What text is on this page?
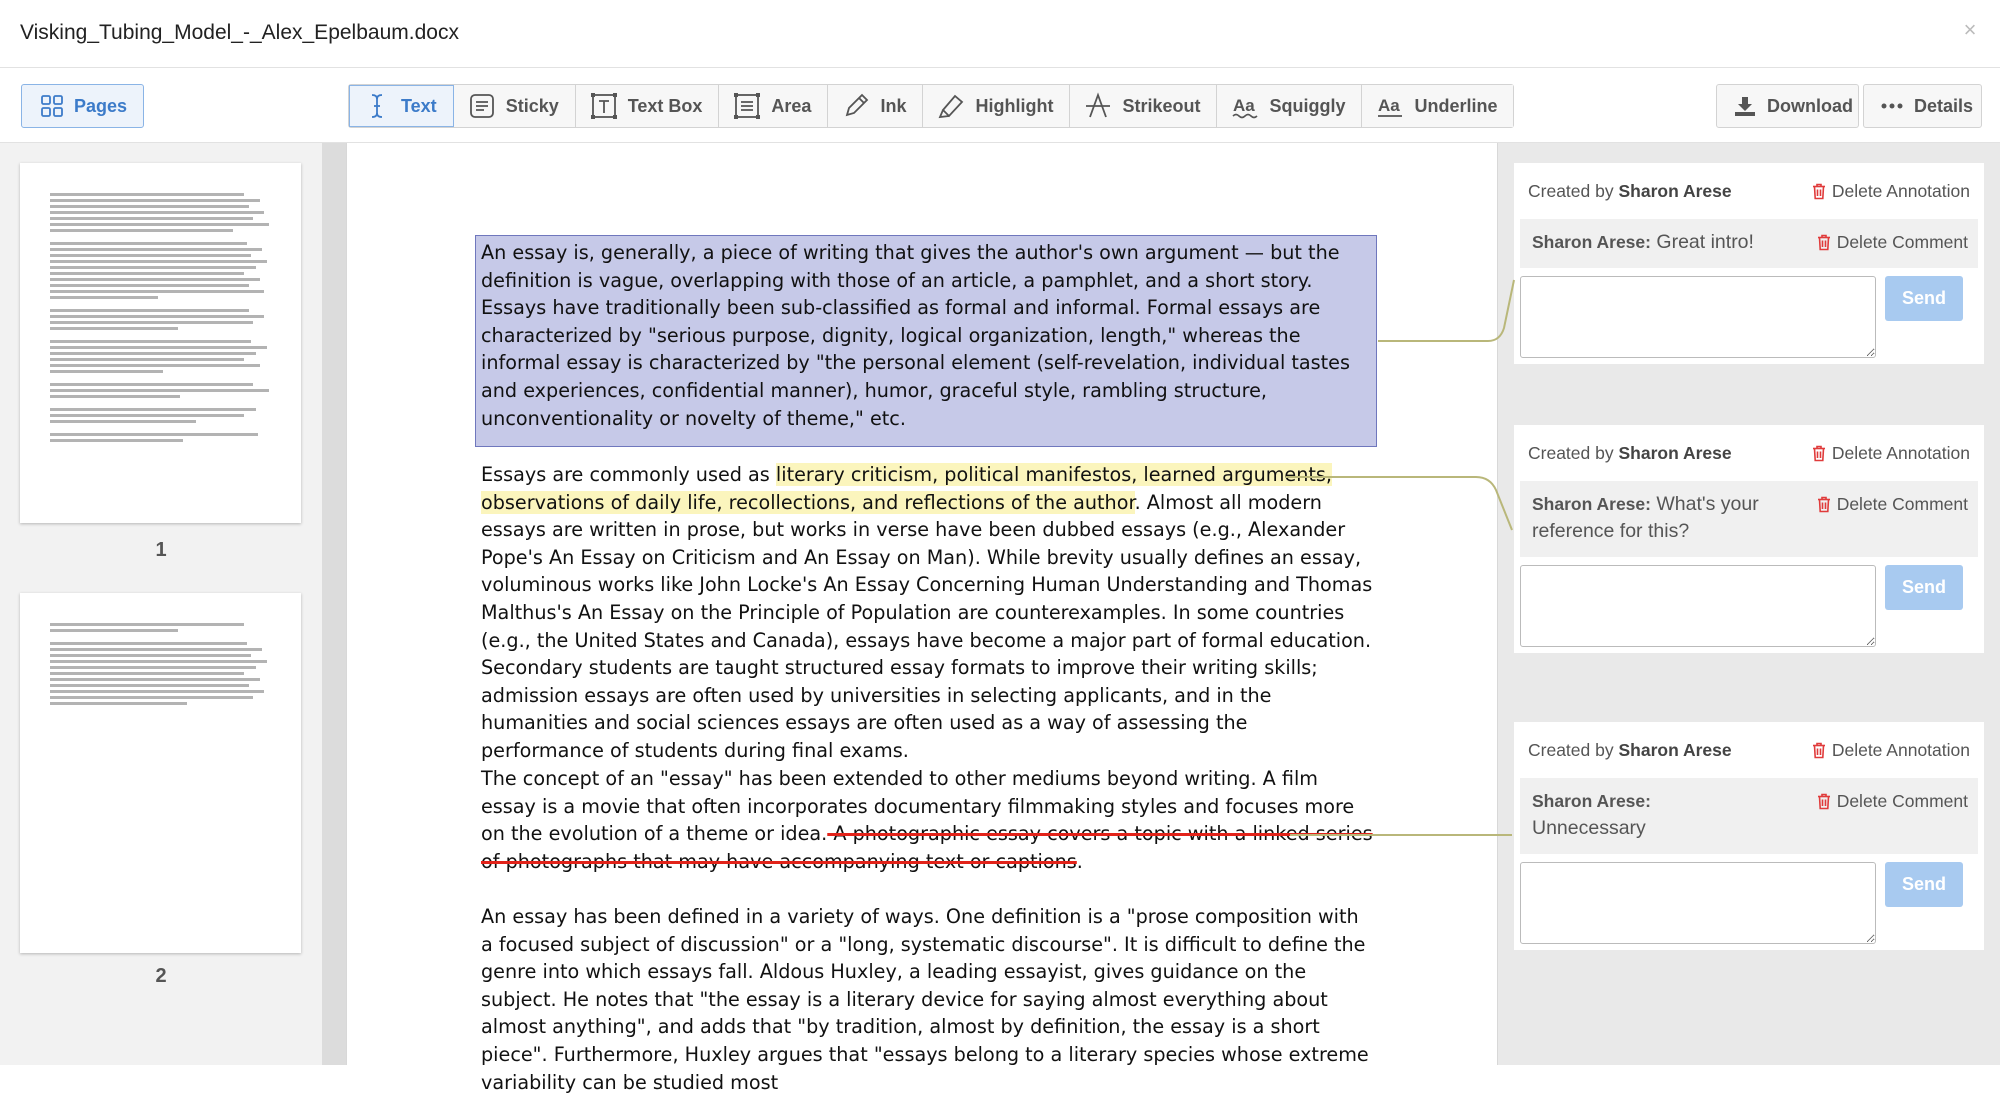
Visking_Tubing_Model_-_Alex_Epelbaum.docx	×
Pages	Text	Sticky	Text Box	Area	Ink	Highlight	Strikeout Aa Squiggly Aa Underline	Download	Details
1
2
An essay is, generally, a piece of writing that gives the author's own argument — but the definition is vague, overlapping with those of an article, a pamphlet, and a short story. Essays have traditionally been sub-classified as formal and informal. Formal essays are characterized by "serious purpose, dignity, logical organization, length," whereas the informal essay is characterized by "the personal element (self-revelation, individual tastes and experiences, confidential manner), humor, graceful style, rambling structure, unconventionality or novelty of theme," etc.
Essays are commonly used as literary criticism, political manifestos, learned arguments, observations of daily life, recollections, and reflections of the author. Almost all modern essays are written in prose, but works in verse have been dubbed essays (e.g., Alexander Pope's An Essay on Criticism and An Essay on Man). While brevity usually defines an essay, voluminous works like John Locke's An Essay Concerning Human Understanding and Thomas Malthus's An Essay on the Principle of Population are counterexamples. In some countries (e.g., the United States and Canada), essays have become a major part of formal education. Secondary students are taught structured essay formats to improve their writing skills; admission essays are often used by universities in selecting applicants, and in the humanities and social sciences essays are often used as a way of assessing the performance of students during final exams.
The concept of an "essay" has been extended to other mediums beyond writing. A film essay is a movie that often incorporates documentary filmmaking styles and focuses more on the evolution of a theme or idea. A photographic essay covers a topic with a linked series of photographs that may have accompanying text or captions.
An essay has been defined in a variety of ways. One definition is a "prose composition with a focused subject of discussion" or a "long, systematic discourse". It is difficult to define the genre into which essays fall. Aldous Huxley, a leading essayist, gives guidance on the subject. He notes that "the essay is a literary device for saying almost everything about almost anything", and adds that "by tradition, almost by definition, the essay is a short piece". Furthermore, Huxley argues that "essays belong to a literary species whose extreme variability can be studied most
Created by Sharon Arese	Delete Annotation
Sharon Arese: Great intro!	Delete Comment
Send
Created by Sharon Arese	Delete Annotation
Sharon Arese: What's your reference for this?
Delete Comment
Send
Created by Sharon Arese	Delete Annotation
Sharon Arese:
Unnecessary
Delete Comment
Send
